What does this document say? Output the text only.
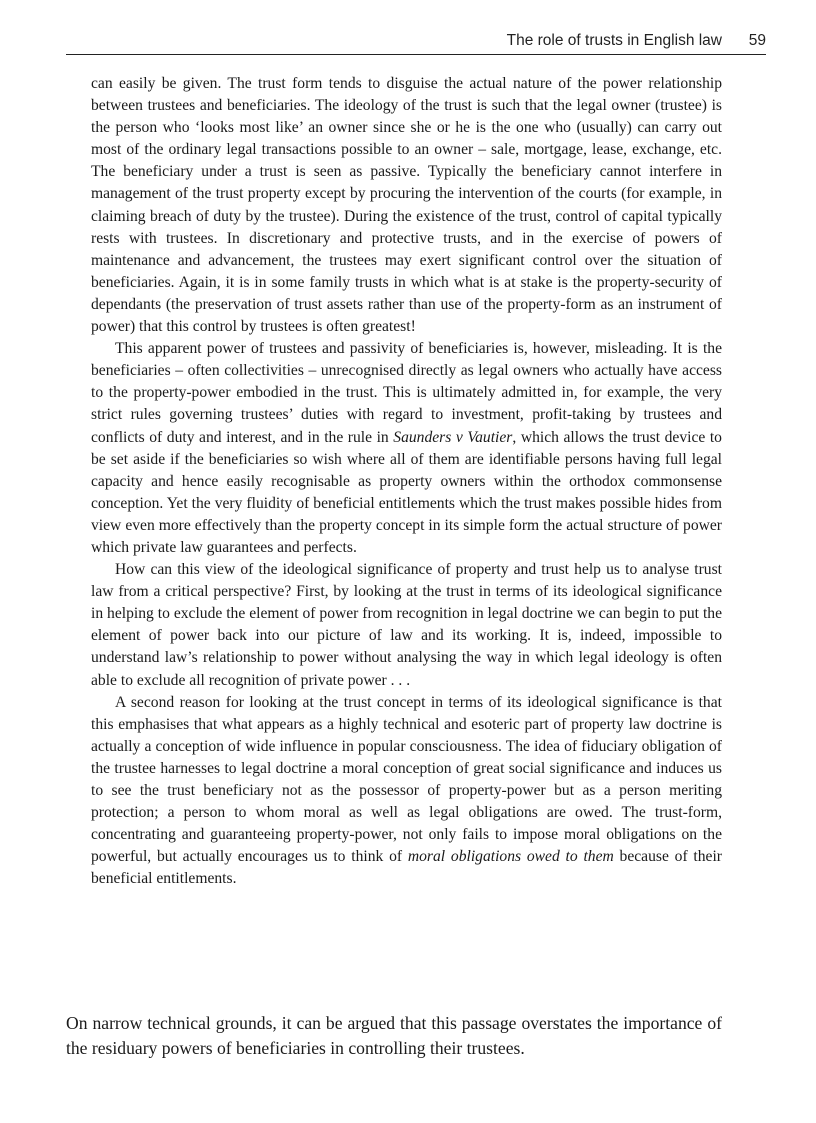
The role of trusts in English law 59

can easily be given. The trust form tends to disguise the actual nature of the power relationship between trustees and beneficiaries. The ideology of the trust is such that the legal owner (trustee) is the person who ‘looks most like’ an owner since she or he is the one who (usually) can carry out most of the ordinary legal transactions possible to an owner – sale, mortgage, lease, exchange, etc. The beneficiary under a trust is seen as passive. Typically the beneficiary cannot interfere in management of the trust property except by procuring the intervention of the courts (for example, in claiming breach of duty by the trustee). During the existence of the trust, control of capital typically rests with trustees. In discretionary and protective trusts, and in the exercise of powers of maintenance and advancement, the trustees may exert significant control over the situation of beneficiaries. Again, it is in some family trusts in which what is at stake is the property-security of dependants (the preservation of trust assets rather than use of the property-form as an instrument of power) that this control by trustees is often greatest!

This apparent power of trustees and passivity of beneficiaries is, however, misleading. It is the beneficiaries – often collectivities – unrecognised directly as legal owners who actually have access to the property-power embodied in the trust. This is ultimately admitted in, for example, the very strict rules governing trustees’ duties with regard to investment, profit-taking by trustees and conflicts of duty and interest, and in the rule in Saunders v Vautier, which allows the trust device to be set aside if the beneficiaries so wish where all of them are identifiable persons having full legal capacity and hence easily recognisable as property owners within the orthodox commonsense conception. Yet the very fluidity of beneficial entitlements which the trust makes possible hides from view even more effectively than the property concept in its simple form the actual structure of power which private law guarantees and perfects.

How can this view of the ideological significance of property and trust help us to analyse trust law from a critical perspective? First, by looking at the trust in terms of its ideological significance in helping to exclude the element of power from recognition in legal doctrine we can begin to put the element of power back into our picture of law and its working. It is, indeed, impossible to understand law’s relationship to power without analysing the way in which legal ideology is often able to exclude all recognition of private power . . .

A second reason for looking at the trust concept in terms of its ideological significance is that this emphasises that what appears as a highly technical and esoteric part of property law doctrine is actually a conception of wide influence in popular consciousness. The idea of fiduciary obligation of the trustee harnesses to legal doctrine a moral conception of great social significance and induces us to see the trust beneficiary not as the possessor of property-power but as a person meriting protection; a person to whom moral as well as legal obligations are owed. The trust-form, concentrating and guaranteeing property-power, not only fails to impose moral obligations on the powerful, but actually encourages us to think of moral obligations owed to them because of their beneficial entitlements.

On narrow technical grounds, it can be argued that this passage overstates the importance of the residuary powers of beneficiaries in controlling their trustees.
